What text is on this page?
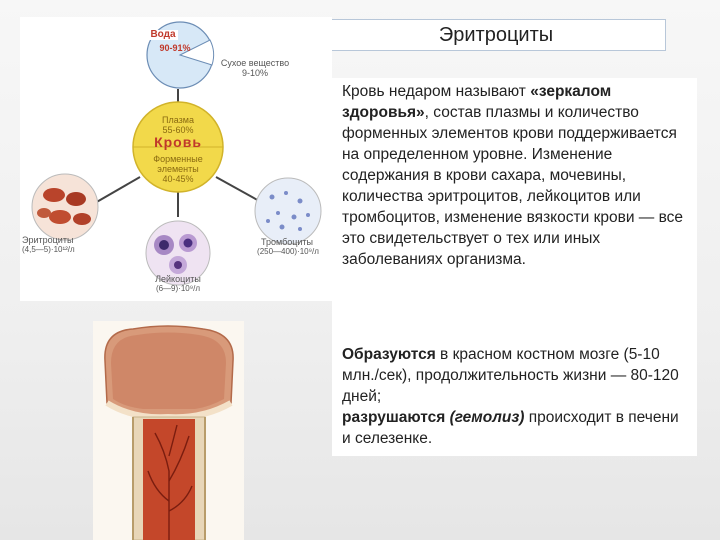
Эритроциты
Вода
90-91%
Сухое вещество
9-10%
Плазма
55-60%
Кровь
Форменные
элементы
40-45%
Эритроциты
(4,5—5)·10¹²/л
Тромбоциты
(250—400)·10⁹/л
Лейкоциты
(6—9)·10⁹/л
Кровь недаром называют «зеркалом здоровья», состав плазмы и количество форменных элементов крови поддерживается на определенном уровне. Изменение содержания в крови сахара, мочевины, количества эритроцитов, лейкоцитов или тромбоцитов, изменение вязкости крови — все это свидетельствует о тех или иных заболеваниях организма.
Образуются в красном костном мозге (5-10 млн./сек), продолжительность жизни — 80-120 дней;
разрушаются (гемолиз) происходит в печени и селезенке.
